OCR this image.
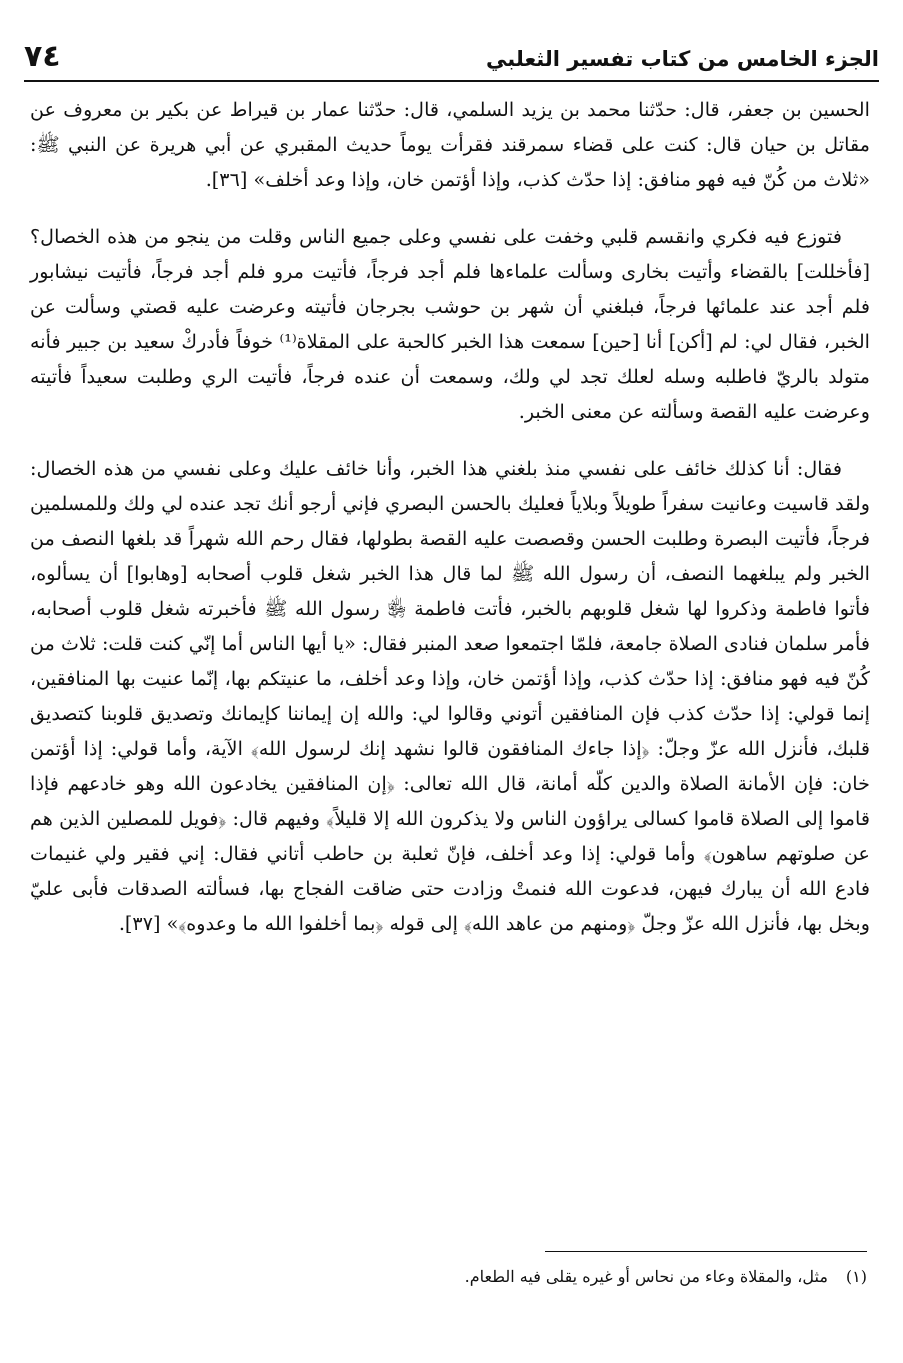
الجزء الخامس من كتاب تفسير الثعلبي
٧٤

الحسين بن جعفر، قال: حدّثنا محمد بن يزيد السلمي، قال: حدّثنا عمار بن قيراط عن بكير بن معروف عن مقاتل بن حيان قال: كنت على قضاء سمرقند فقرأت يوماً حديث المقبري عن أبي هريرة عن النبي ﷺ: «ثلاث من كُنّ فيه فهو منافق: إذا حدّث كذب، وإذا أؤتمن خان، وإذا وعد أخلف» [٣٦].

فتوزع فيه فكري وانقسم قلبي وخفت على نفسي وعلى جميع الناس وقلت من ينجو من هذه الخصال؟ [فأخللت] بالقضاء وأتيت بخارى وسألت علماءها فلم أجد فرجاً، فأتيت مرو فلم أجد فرجاً، فأتيت نيشابور فلم أجد عند علمائها فرجاً، فبلغني أن شهر بن حوشب بجرجان فأتيته وعرضت عليه قصتي وسألت عن الخبر، فقال لي: لم [أكن] أنا [حين] سمعت هذا الخبر كالحبة على المقلاة⁽¹⁾ خوفاً فأدركْ سعيد بن جبير فأنه متولد بالريّ فاطلبه وسله لعلك تجد لي ولك، وسمعت أن عنده فرجاً، فأتيت الري وطلبت سعيداً فأتيته وعرضت عليه القصة وسألته عن معنى الخبر.

فقال: أنا كذلك خائف على نفسي منذ بلغني هذا الخبر، وأنا خائف عليك وعلى نفسي من هذه الخصال: ولقد قاسيت وعانيت سفراً طويلاً وبلاياً فعليك بالحسن البصري فإني أرجو أنك تجد عنده لي ولك وللمسلمين فرجاً، فأتيت البصرة وطلبت الحسن وقصصت عليه القصة بطولها، فقال رحم الله شهراً قد بلغها النصف من الخبر ولم يبلغهما النصف، أن رسول الله ﷺ لما قال هذا الخبر شغل قلوب أصحابه [وهابوا] أن يسألوه، فأتوا فاطمة وذكروا لها شغل قلوبهم بالخبر، فأتت فاطمة ﵂ رسول الله ﷺ فأخبرته شغل قلوب أصحابه، فأمر سلمان فنادى الصلاة جامعة، فلمّا اجتمعوا صعد المنبر فقال: «يا أيها الناس أما إنّي كنت قلت: ثلاث من كُنّ فيه فهو منافق: إذا حدّث كذب، وإذا أؤتمن خان، وإذا وعد أخلف، ما عنيتكم بها، إنّما عنيت بها المنافقين، إنما قولي: إذا حدّث كذب فإن المنافقين أتوني وقالوا لي: والله إن إيماننا كإيمانك وتصديق قلوبنا كتصديق قلبك، فأنزل الله عزّ وجلّ: ﴿إذا جاءك المنافقون قالوا نشهد إنك لرسول الله﴾ الآية، وأما قولي: إذا أؤتمن خان: فإن الأمانة الصلاة والدين كلّه أمانة، قال الله تعالى: ﴿إن المنافقين يخادعون الله وهو خادعهم فإذا قاموا إلى الصلاة قاموا كسالى يراؤون الناس ولا يذكرون الله إلا قليلاً﴾ وفيهم قال: ﴿فويل للمصلين الذين هم عن صلوتهم ساهون﴾ وأما قولي: إذا وعد أخلف، فإنّ ثعلبة بن حاطب أتاني فقال: إني فقير ولي غنيمات فادع الله أن يبارك فيهن، فدعوت الله فنمتْ وزادت حتى ضاقت الفجاج بها، فسألته الصدقات فأبى عليّ وبخل بها، فأنزل الله عزّ وجلّ ﴿ومنهم من عاهد الله﴾ إلى قوله ﴿بما أخلفوا الله ما وعدوه﴾» [٣٧].

(١)مثل، والمقلاة وعاء من نحاس أو غيره يقلى فيه الطعام.
